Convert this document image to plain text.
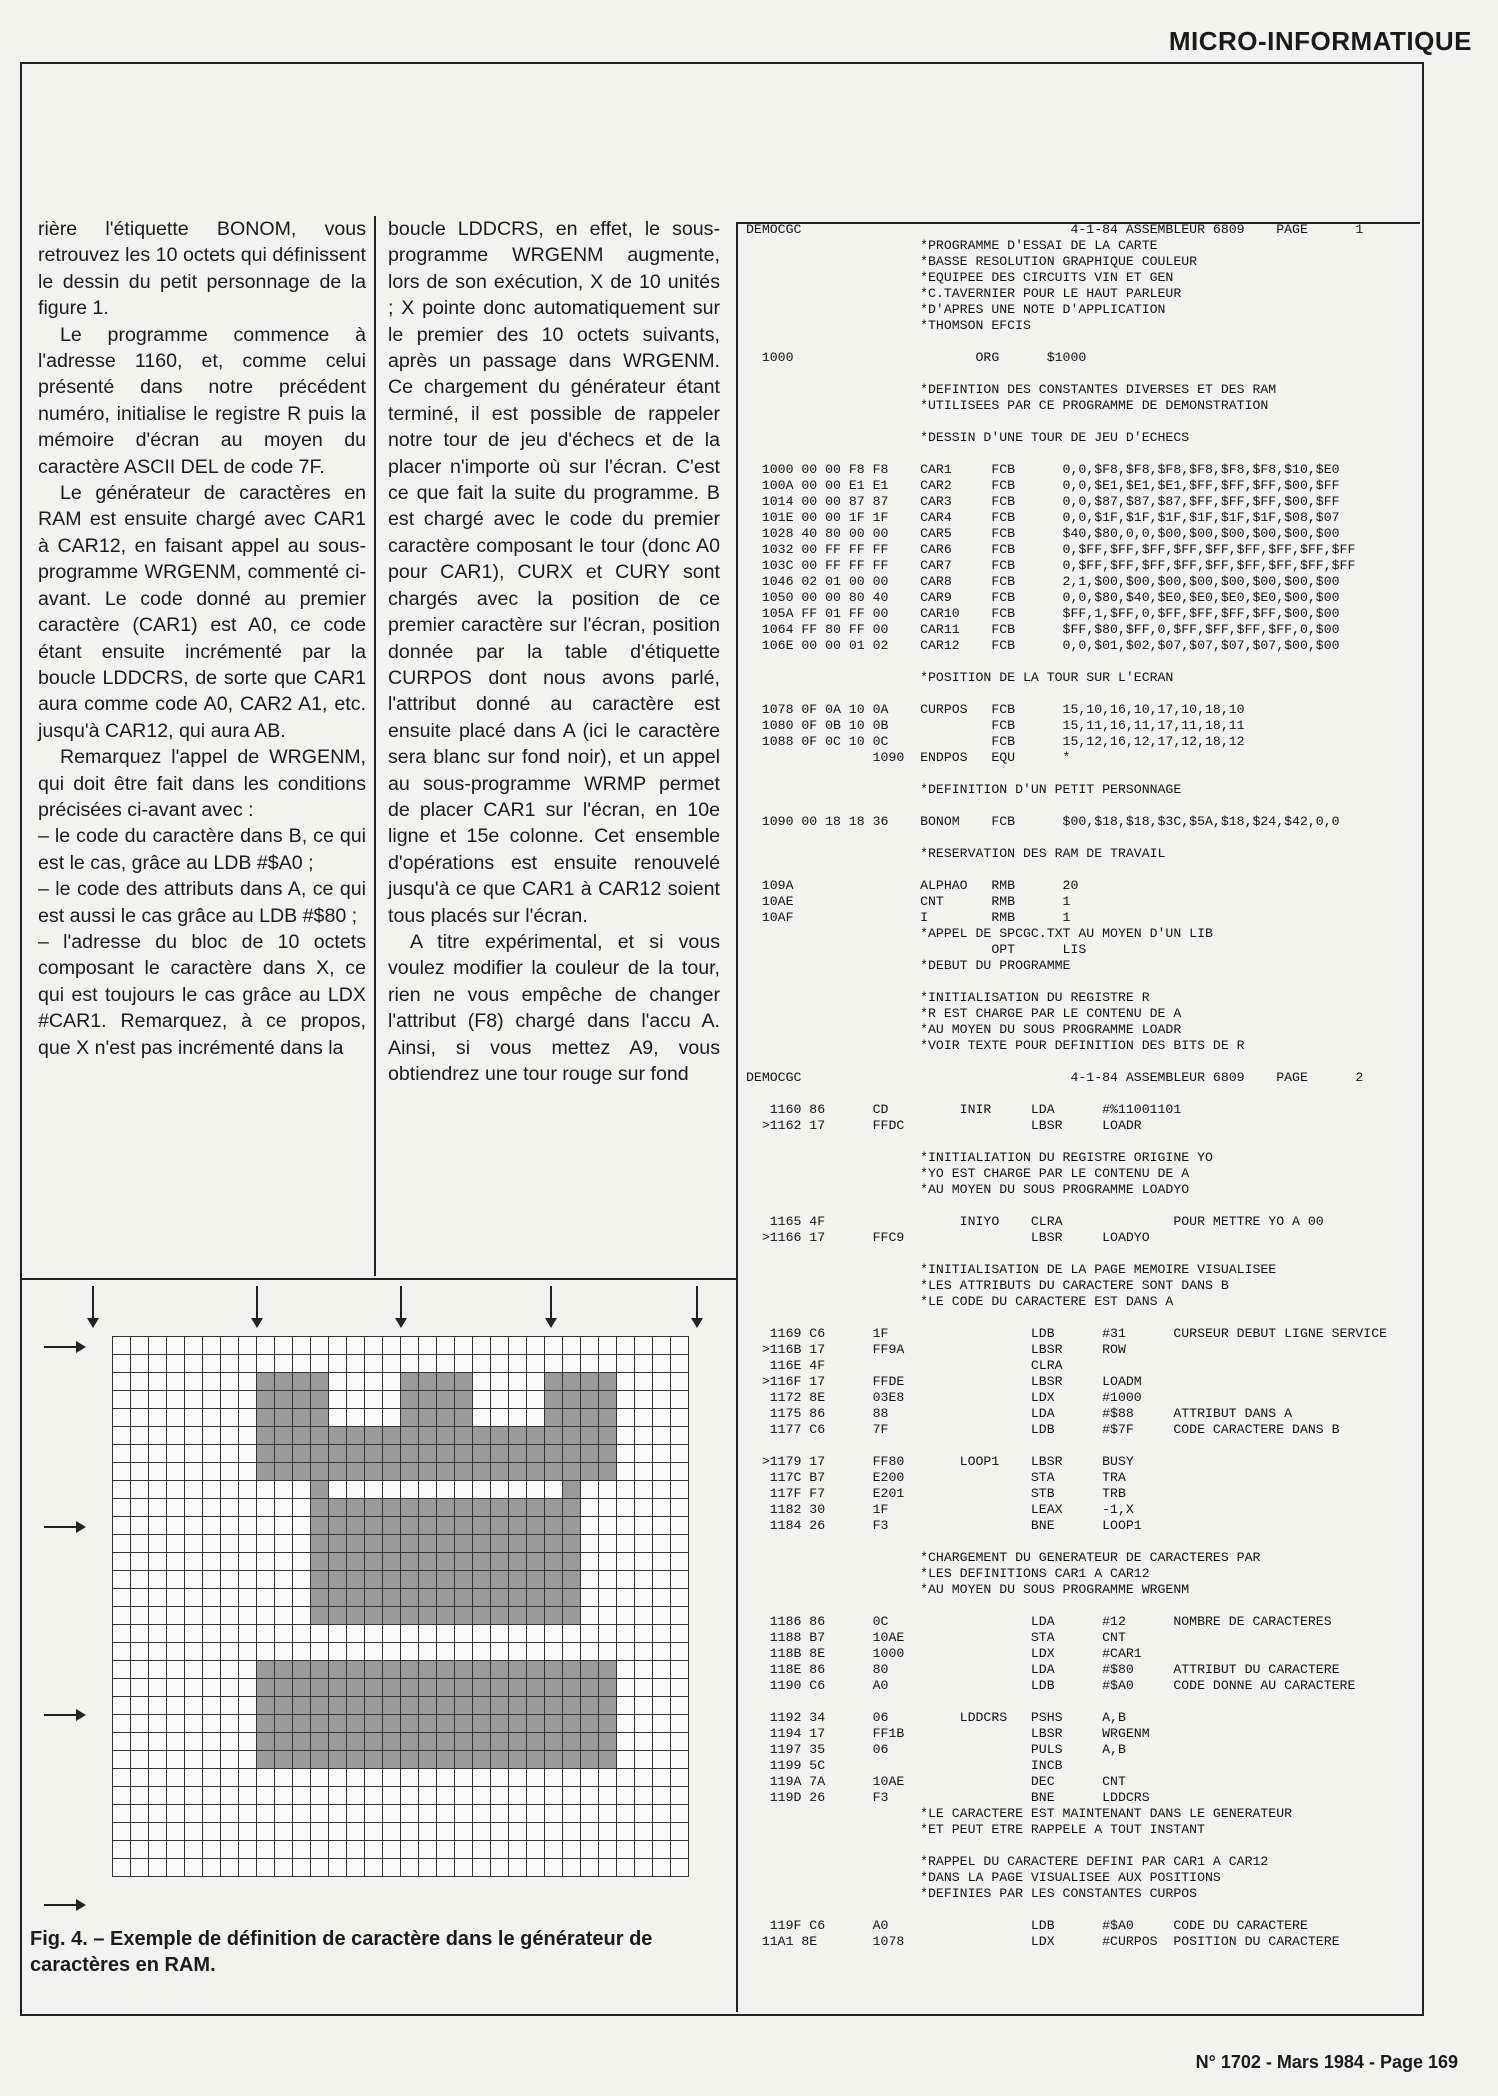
MICRO-INFORMATIQUE

rière l'étiquette BONOM, vous retrouvez les 10 octets qui définissent le dessin du petit personnage de la figure 1.

Le programme commence à l'adresse 1160, et, comme celui présenté dans notre précédent numéro, initialise le registre R puis la mémoire d'écran au moyen du caractère ASCII DEL de code 7F.

Le générateur de caractères en RAM est ensuite chargé avec CAR1 à CAR12, en faisant appel au sous-programme WRGENM, commenté ci-avant. Le code donné au premier caractère (CAR1) est A0, ce code étant ensuite incrémenté par la boucle LDDCRS, de sorte que CAR1 aura comme code A0, CAR2 A1, etc. jusqu'à CAR12, qui aura AB.

Remarquez l'appel de WRGENM, qui doit être fait dans les conditions précisées ci-avant avec :

– le code du caractère dans B, ce qui est le cas, grâce au LDB #$A0 ;

– le code des attributs dans A, ce qui est aussi le cas grâce au LDB #$80 ;

– l'adresse du bloc de 10 octets composant le caractère dans X, ce qui est toujours le cas grâce au LDX #CAR1. Remarquez, à ce propos, que X n'est pas incrémenté dans la

boucle LDDCRS, en effet, le sous-programme WRGENM augmente, lors de son exécution, X de 10 unités ; X pointe donc automatiquement sur le premier des 10 octets suivants, après un passage dans WRGENM. Ce chargement du générateur étant terminé, il est possible de rappeler notre tour de jeu d'échecs et de la placer n'importe où sur l'écran. C'est ce que fait la suite du programme. B est chargé avec le code du premier caractère composant le tour (donc A0 pour CAR1), CURX et CURY sont chargés avec la position de ce premier caractère sur l'écran, position donnée par la table d'étiquette CURPOS dont nous avons parlé, l'attribut donné au caractère est ensuite placé dans A (ici le caractère sera blanc sur fond noir), et un appel au sous-programme WRMP permet de placer CAR1 sur l'écran, en 10e ligne et 15e colonne. Cet ensemble d'opérations est ensuite renouvelé jusqu'à ce que CAR1 à CAR12 soient tous placés sur l'écran.

A titre expérimental, et si vous voulez modifier la couleur de la tour, rien ne vous empêche de changer l'attribut (F8) chargé dans l'accu A. Ainsi, si vous mettez A9, vous obtiendrez une tour rouge sur fond

DEMOCGC                                  4-1-84 ASSEMBLEUR 6809    PAGE      1
*PROGRAMME D'ESSAI DE LA CARTE
*BASSE RESOLUTION GRAPHIQUE COULEUR
*EQUIPEE DES CIRCUITS VIN ET GEN
*C.TAVERNIER POUR LE HAUT PARLEUR
*D'APRES UNE NOTE D'APPLICATION
*THOMSON EFCIS
1000                       ORG      $1000
*DEFINTION DES CONSTANTES DIVERSES ET DES RAM
*UTILISEES PAR CE PROGRAMME DE DEMONSTRATION
*DESSIN D'UNE TOUR DE JEU D'ECHECS
1000 00 00 F8 F8    CAR1     FCB      0,0,$F8,$F8,$F8,$F8,$F8,$F8,$10,$E0
100A 00 00 E1 E1    CAR2     FCB      0,0,$E1,$E1,$E1,$FF,$FF,$FF,$00,$FF
1014 00 00 87 87    CAR3     FCB      0,0,$87,$87,$87,$FF,$FF,$FF,$00,$FF
101E 00 00 1F 1F    CAR4     FCB      0,0,$1F,$1F,$1F,$1F,$1F,$1F,$08,$07
1028 40 80 00 00    CAR5     FCB      $40,$80,0,0,$00,$00,$00,$00,$00,$00
1032 00 FF FF FF    CAR6     FCB      0,$FF,$FF,$FF,$FF,$FF,$FF,$FF,$FF,$FF
103C 00 FF FF FF    CAR7     FCB      0,$FF,$FF,$FF,$FF,$FF,$FF,$FF,$FF,$FF
1046 02 01 00 00    CAR8     FCB      2,1,$00,$00,$00,$00,$00,$00,$00,$00
1050 00 00 80 40    CAR9     FCB      0,0,$80,$40,$E0,$E0,$E0,$E0,$00,$00
105A FF 01 FF 00    CAR10    FCB      $FF,1,$FF,0,$FF,$FF,$FF,$FF,$00,$00
1064 FF 80 FF 00    CAR11    FCB      $FF,$80,$FF,0,$FF,$FF,$FF,$FF,0,$00
106E 00 00 01 02    CAR12    FCB      0,0,$01,$02,$07,$07,$07,$07,$00,$00
*POSITION DE LA TOUR SUR L'ECRAN
1078 0F 0A 10 0A    CURPOS   FCB      15,10,16,10,17,10,18,10
1080 0F 0B 10 0B             FCB      15,11,16,11,17,11,18,11
1088 0F 0C 10 0C             FCB      15,12,16,12,17,12,18,12
1090  ENDPOS   EQU      *
*DEFINITION D'UN PETIT PERSONNAGE
1090 00 18 18 36    BONOM    FCB      $00,$18,$18,$3C,$5A,$18,$24,$42,0,0
*RESERVATION DES RAM DE TRAVAIL
109A                ALPHAO   RMB      20
10AE                CNT      RMB      1
10AF                I        RMB      1
*APPEL DE SPCGC.TXT AU MOYEN D'UN LIB
OPT      LIS
*DEBUT DU PROGRAMME
*INITIALISATION DU REGISTRE R
*R EST CHARGE PAR LE CONTENU DE A
*AU MOYEN DU SOUS PROGRAMME LOADR
*VOIR TEXTE POUR DEFINITION DES BITS DE R
DEMOCGC                                  4-1-84 ASSEMBLEUR 6809    PAGE      2
1160 86      CD         INIR     LDA      #%11001101
>1162 17      FFDC                LBSR     LOADR
*INITIALIATION DU REGISTRE ORIGINE YO
*YO EST CHARGE PAR LE CONTENU DE A
*AU MOYEN DU SOUS PROGRAMME LOADYO
1165 4F                 INIYO    CLRA              POUR METTRE YO A 00
>1166 17      FFC9                LBSR     LOADYO
*INITIALISATION DE LA PAGE MEMOIRE VISUALISEE
*LES ATTRIBUTS DU CARACTERE SONT DANS B
*LE CODE DU CARACTERE EST DANS A
1169 C6      1F                  LDB      #31      CURSEUR DEBUT LIGNE SERVICE
>116B 17      FF9A                LBSR     ROW
116E 4F                          CLRA
>116F 17      FFDE                LBSR     LOADM
1172 8E      03E8                LDX      #1000
1175 86      88                  LDA      #$88     ATTRIBUT DANS A
1177 C6      7F                  LDB      #$7F     CODE CARACTERE DANS B
>1179 17      FF80       LOOP1    LBSR     BUSY
117C B7      E200                STA      TRA
117F F7      E201                STB      TRB
1182 30      1F                  LEAX     -1,X
1184 26      F3                  BNE      LOOP1
*CHARGEMENT DU GENERATEUR DE CARACTERES PAR
*LES DEFINITIONS CAR1 A CAR12
*AU MOYEN DU SOUS PROGRAMME WRGENM
1186 86      0C                  LDA      #12      NOMBRE DE CARACTERES
1188 B7      10AE                STA      CNT
118B 8E      1000                LDX      #CAR1
118E 86      80                  LDA      #$80     ATTRIBUT DU CARACTERE
1190 C6      A0                  LDB      #$A0     CODE DONNE AU CARACTERE
1192 34      06         LDDCRS   PSHS     A,B
1194 17      FF1B                LBSR     WRGENM
1197 35      06                  PULS     A,B
1199 5C                          INCB
119A 7A      10AE                DEC      CNT
119D 26      F3                  BNE      LDDCRS
*LE CARACTERE EST MAINTENANT DANS LE GENERATEUR
*ET PEUT ETRE RAPPELE A TOUT INSTANT
*RAPPEL DU CARACTERE DEFINI PAR CAR1 A CAR12
*DANS LA PAGE VISUALISEE AUX POSITIONS
*DEFINIES PAR LES CONSTANTES CURPOS
119F C6      A0                  LDB      #$A0     CODE DU CARACTERE
11A1 8E       1078                LDX      #CURPOS  POSITION DU CARACTERE
Fig. 4. – Exemple de définition de caractère dans le générateur de caractères en RAM.
N° 1702 - Mars 1984 - Page 169
